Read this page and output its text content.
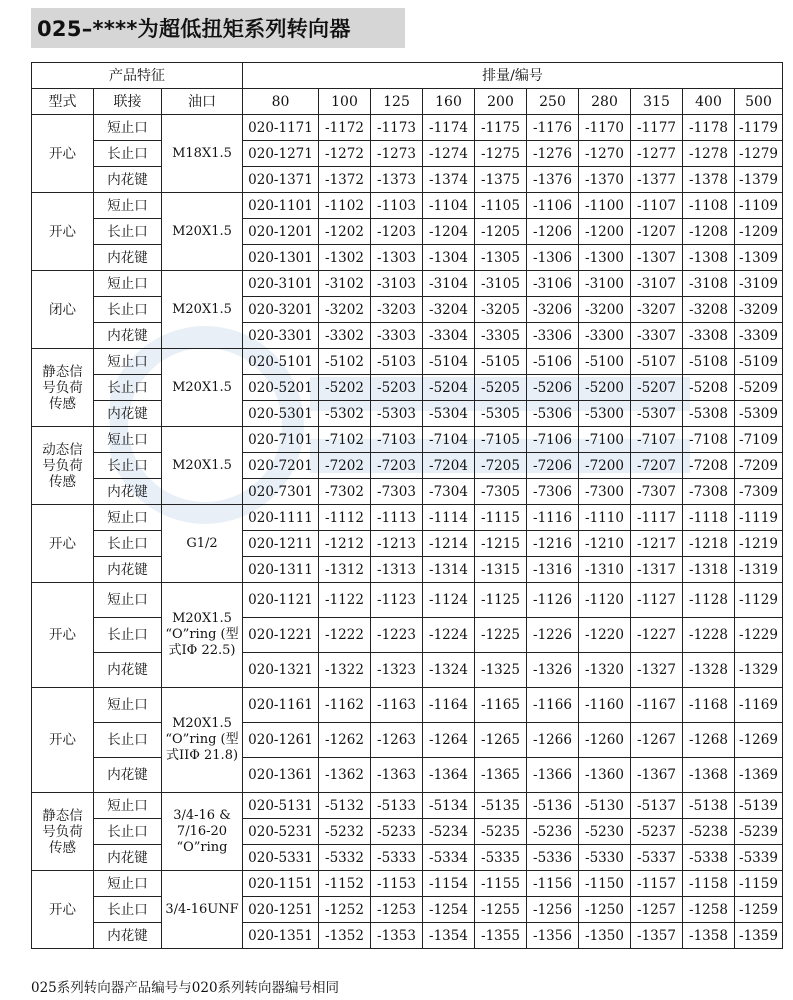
025–****为超低扭矩系列转向器
产品特征			排量/编号									
型式	联接	油口	80	100	125	160	200	250	280	315	400	500
开心	短止口	M18X1.5	020-1171	-1172	-1173	-1174	-1175	-1176	-1170	-1177	-1178	-1179
	长止口		020-1271	-1272	-1273	-1274	-1275	-1276	-1270	-1277	-1278	-1279
	内花键		020-1371	-1372	-1373	-1374	-1375	-1376	-1370	-1377	-1378	-1379
开心	短止口	M20X1.5	020-1101	-1102	-1103	-1104	-1105	-1106	-1100	-1107	-1108	-1109
	长止口		020-1201	-1202	-1203	-1204	-1205	-1206	-1200	-1207	-1208	-1209
	内花键		020-1301	-1302	-1303	-1304	-1305	-1306	-1300	-1307	-1308	-1309
闭心	短止口	M20X1.5	020-3101	-3102	-3103	-3104	-3105	-3106	-3100	-3107	-3108	-3109
	长止口		020-3201	-3202	-3203	-3204	-3205	-3206	-3200	-3207	-3208	-3209
	内花键		020-3301	-3302	-3303	-3304	-3305	-3306	-3300	-3307	-3308	-3309
静态信
号负荷
传感	短止口	M20X1.5	020-5101	-5102	-5103	-5104	-5105	-5106	-5100	-5107	-5108	-5109
	长止口		020-5201	-5202	-5203	-5204	-5205	-5206	-5200	-5207	-5208	-5209
	内花键		020-5301	-5302	-5303	-5304	-5305	-5306	-5300	-5307	-5308	-5309
动态信
号负荷
传感	短止口	M20X1.5	020-7101	-7102	-7103	-7104	-7105	-7106	-7100	-7107	-7108	-7109
	长止口		020-7201	-7202	-7203	-7204	-7205	-7206	-7200	-7207	-7208	-7209
	内花键		020-7301	-7302	-7303	-7304	-7305	-7306	-7300	-7307	-7308	-7309
开心	短止口	G1/2	020-1111	-1112	-1113	-1114	-1115	-1116	-1110	-1117	-1118	-1119
	长止口		020-1211	-1212	-1213	-1214	-1215	-1216	-1210	-1217	-1218	-1219
	内花键		020-1311	-1312	-1313	-1314	-1315	-1316	-1310	-1317	-1318	-1319
开心	短止口	M20X1.5 “O”ring (型式IΦ 22.5)	020-1121	-1122	-1123	-1124	-1125	-1126	-1120	-1127	-1128	-1129
	长止口		020-1221	-1222	-1223	-1224	-1225	-1226	-1220	-1227	-1228	-1229
	内花键		020-1321	-1322	-1323	-1324	-1325	-1326	-1320	-1327	-1328	-1329
开心	短止口	M20X1.5 “O”ring (型式IIΦ 21.8)	020-1161	-1162	-1163	-1164	-1165	-1166	-1160	-1167	-1168	-1169
	长止口		020-1261	-1262	-1263	-1264	-1265	-1266	-1260	-1267	-1268	-1269
	内花键		020-1361	-1362	-1363	-1364	-1365	-1366	-1360	-1367	-1368	-1369
静态信
号负荷
传感	短止口	3/4-16 & 7/16-20 “O”ring	020-5131	-5132	-5133	-5134	-5135	-5136	-5130	-5137	-5138	-5139
	长止口		020-5231	-5232	-5233	-5234	-5235	-5236	-5230	-5237	-5238	-5239
	内花键		020-5331	-5332	-5333	-5334	-5335	-5336	-5330	-5337	-5338	-5339
开心	短止口	3/4-16UNF	020-1151	-1152	-1153	-1154	-1155	-1156	-1150	-1157	-1158	-1159
	长止口		020-1251	-1252	-1253	-1254	-1255	-1256	-1250	-1257	-1258	-1259
	内花键		020-1351	-1352	-1353	-1354	-1355	-1356	-1350	-1357	-1358	-1359
025系列转向器产品编号与020系列转向器编号相同
